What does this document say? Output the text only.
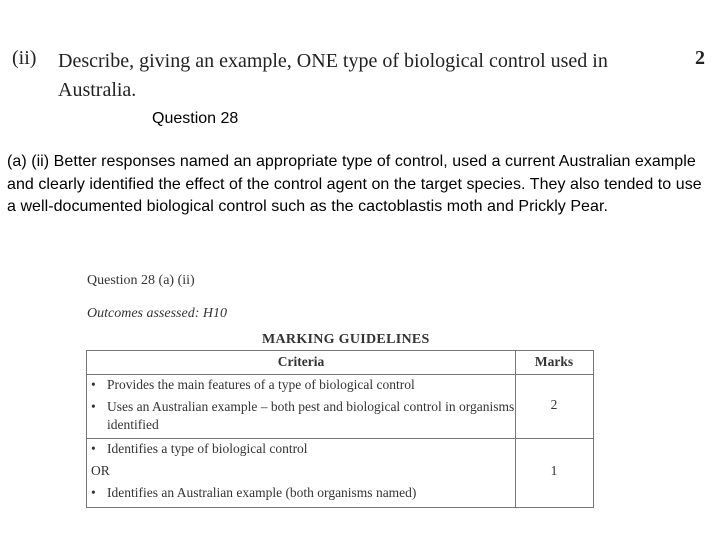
(ii) Describe, giving an example, ONE type of biological control used in Australia.
2
Question 28
(a) (ii) Better responses named an appropriate type of control, used a current Australian example and clearly identified the effect of the control agent on the target species. They also tended to use a well-documented biological control such as the cactoblastis moth and Prickly Pear.
Question 28 (a) (ii)
Outcomes assessed: H10
MARKING GUIDELINES
Criteria	Marks
• Provides the main features of a type of biological control
• Uses an Australian example – both pest and biological control in organisms
identified
2
• Identifies a type of biological control
OR
• Identifies an Australian example (both organisms named)
1
